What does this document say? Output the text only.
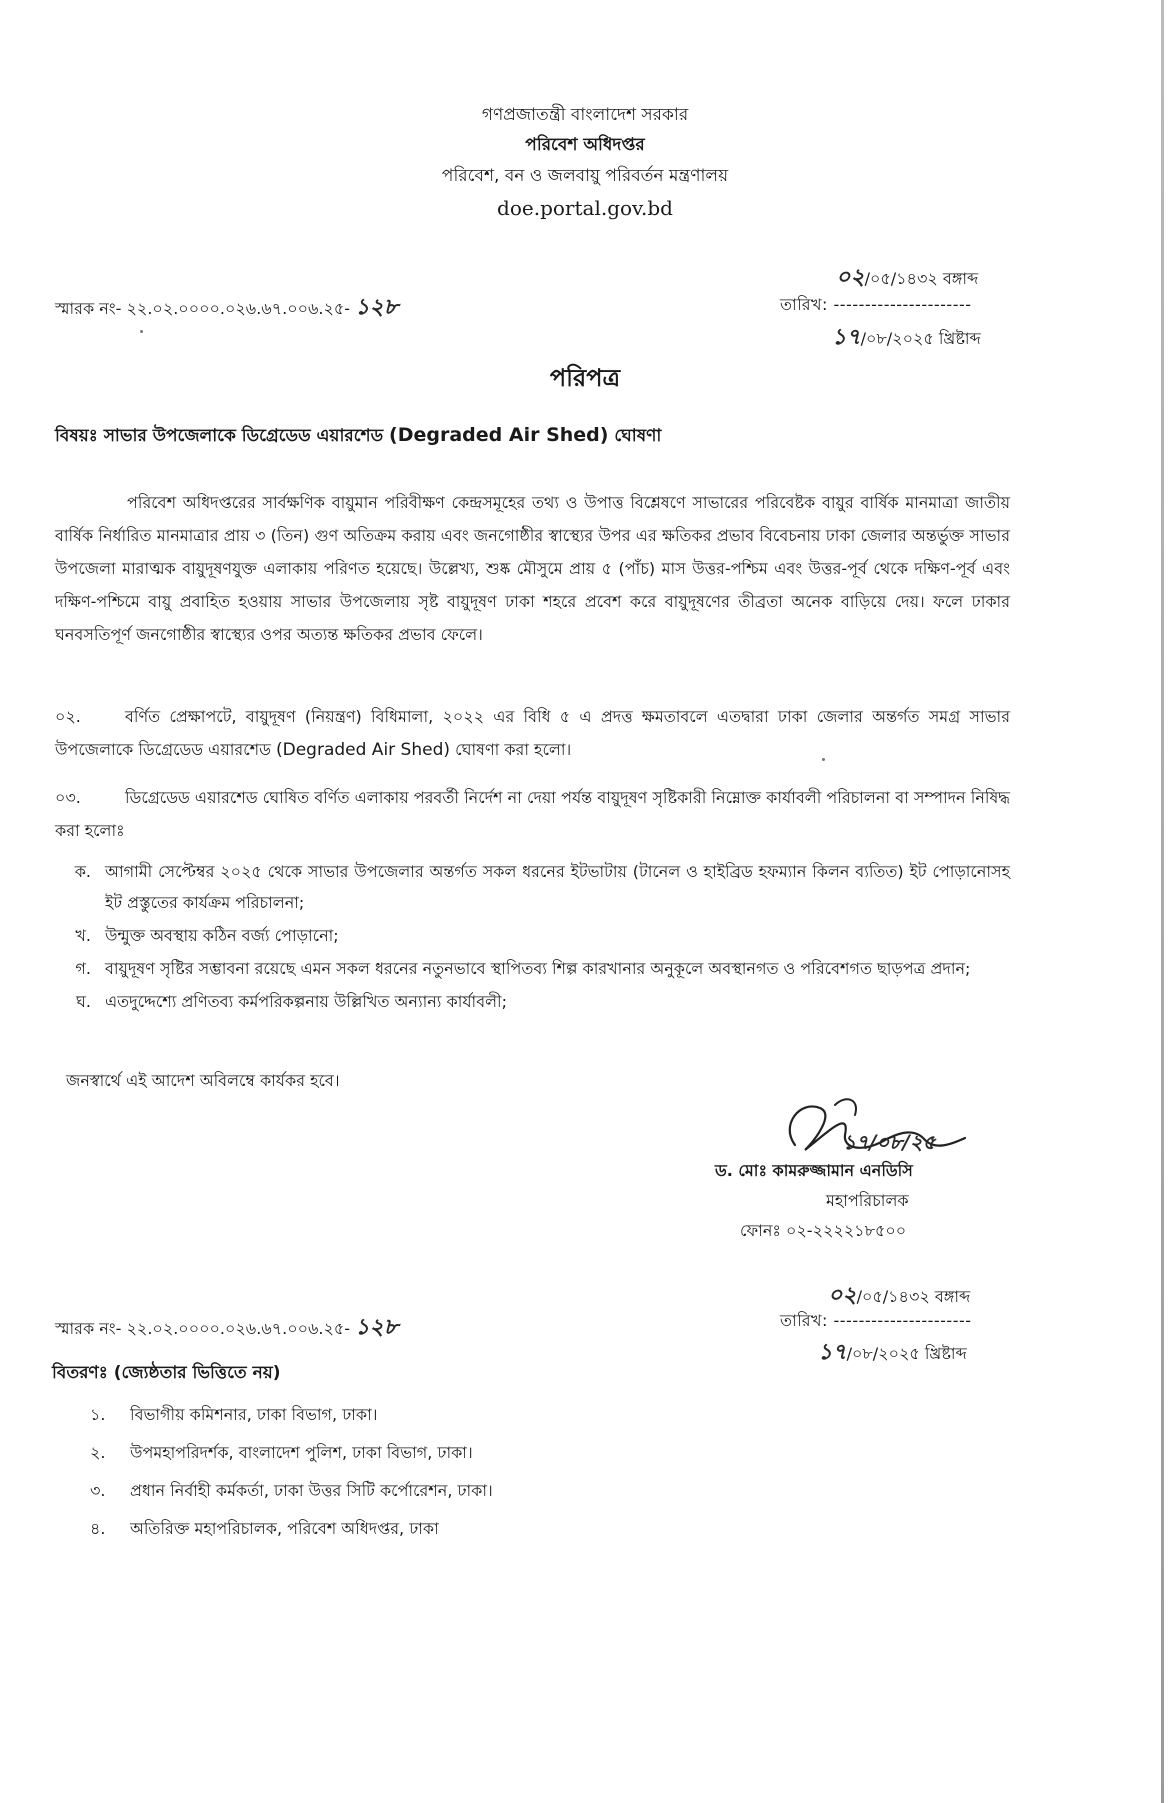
গণপ্রজাতন্ত্রী বাংলাদেশ সরকার
পরিবেশ অধিদপ্তর
পরিবেশ, বন ও জলবায়ু পরিবর্তন মন্ত্রণালয়
doe.portal.gov.bd
স্মারক নং- ২২.০২.০০০০.০২৬.৬৭.০০৬.২৫- ১২৮
০২/০৫/১৪৩২ বঙ্গাব্দ
তারিখ: ----------------------
১৭/০৮/২০২৫ খ্রিষ্টাব্দ
পরিপত্র
বিষয়ঃ সাভার উপজেলাকে ডিগ্রেডেড এয়ারশেড (Degraded Air Shed) ঘোষণা
পরিবেশ অধিদপ্তরের সার্বক্ষণিক বায়ুমান পরিবীক্ষণ কেন্দ্রসমূহের তথ্য ও উপাত্ত বিশ্লেষণে সাভারের পরিবেষ্টক বায়ুর বার্ষিক মানমাত্রা জাতীয় বার্ষিক নির্ধারিত মানমাত্রার প্রায় ৩ (তিন) গুণ অতিক্রম করায় এবং জনগোষ্ঠীর স্বাস্থ্যের উপর এর ক্ষতিকর প্রভাব বিবেচনায় ঢাকা জেলার অন্তর্ভুক্ত সাভার উপজেলা মারাত্মক বায়ুদূষণযুক্ত এলাকায় পরিণত হয়েছে। উল্লেখ্য, শুষ্ক মৌসুমে প্রায় ৫ (পাঁচ) মাস উত্তর-পশ্চিম এবং উত্তর-পূর্ব থেকে দক্ষিণ-পূর্ব এবং দক্ষিণ-পশ্চিমে বায়ু প্রবাহিত হওয়ায় সাভার উপজেলায় সৃষ্ট বায়ুদূষণ ঢাকা শহরে প্রবেশ করে বায়ুদূষণের তীব্রতা অনেক বাড়িয়ে দেয়। ফলে ঢাকার ঘনবসতিপূর্ণ জনগোষ্ঠীর স্বাস্থ্যের ওপর অত্যন্ত ক্ষতিকর প্রভাব ফেলে।
০২.	বর্ণিত প্রেক্ষাপটে, বায়ুদূষণ (নিয়ন্ত্রণ) বিধিমালা, ২০২২ এর বিধি ৫ এ প্রদত্ত ক্ষমতাবলে এতদ্বারা ঢাকা জেলার অন্তর্গত সমগ্র সাভার উপজেলাকে ডিগ্রেডেড এয়ারশেড (Degraded Air Shed) ঘোষণা করা হলো।
০৩.	ডিগ্রেডেড এয়ারশেড ঘোষিত বর্ণিত এলাকায় পরবর্তী নির্দেশ না দেয়া পর্যন্ত বায়ুদূষণ সৃষ্টিকারী নিম্নোক্ত কার্যাবলী পরিচালনা বা সম্পাদন নিষিদ্ধ করা হলোঃ
ক. আগামী সেপ্টেম্বর ২০২৫ থেকে সাভার উপজেলার অন্তর্গত সকল ধরনের ইটভাটায় (টানেল ও হাইব্রিড হফম্যান কিলন ব্যতিত) ইট পোড়ানোসহ ইট প্রস্তুতের কার্যক্রম পরিচালনা;
খ. উন্মুক্ত অবস্থায় কঠিন বর্জ্য পোড়ানো;
গ. বায়ুদূষণ সৃষ্টির সম্ভাবনা রয়েছে এমন সকল ধরনের নতুনভাবে স্থাপিতব্য শিল্প কারখানার অনুকূলে অবস্থানগত ও পরিবেশগত ছাড়পত্র প্রদান;
ঘ. এতদুদ্দেশ্যে প্রণিতব্য কর্মপরিকল্পনায় উল্লিখিত অন্যান্য কার্যাবলী;
জনস্বার্থে এই আদেশ অবিলম্বে কার্যকর হবে।
১৭/০৮/২৫
ড. মোঃ কামরুজ্জামান এনডিসি
মহাপরিচালক
ফোনঃ ০২-২২২২১৮৫০০
স্মারক নং- ২২.০২.০০০০.০২৬.৬৭.০০৬.২৫- ১২৮
০২/০৫/১৪৩২ বঙ্গাব্দ
তারিখ: ----------------------
১৭/০৮/২০২৫ খ্রিষ্টাব্দ
বিতরণঃ (জ্যেষ্ঠতার ভিত্তিতে নয়)
১. বিভাগীয় কমিশনার, ঢাকা বিভাগ, ঢাকা।
২. উপমহাপরিদর্শক, বাংলাদেশ পুলিশ, ঢাকা বিভাগ, ঢাকা।
৩. প্রধান নির্বাহী কর্মকর্তা, ঢাকা উত্তর সিটি কর্পোরেশন, ঢাকা।
৪. অতিরিক্ত মহাপরিচালক, পরিবেশ অধিদপ্তর, ঢাকা
